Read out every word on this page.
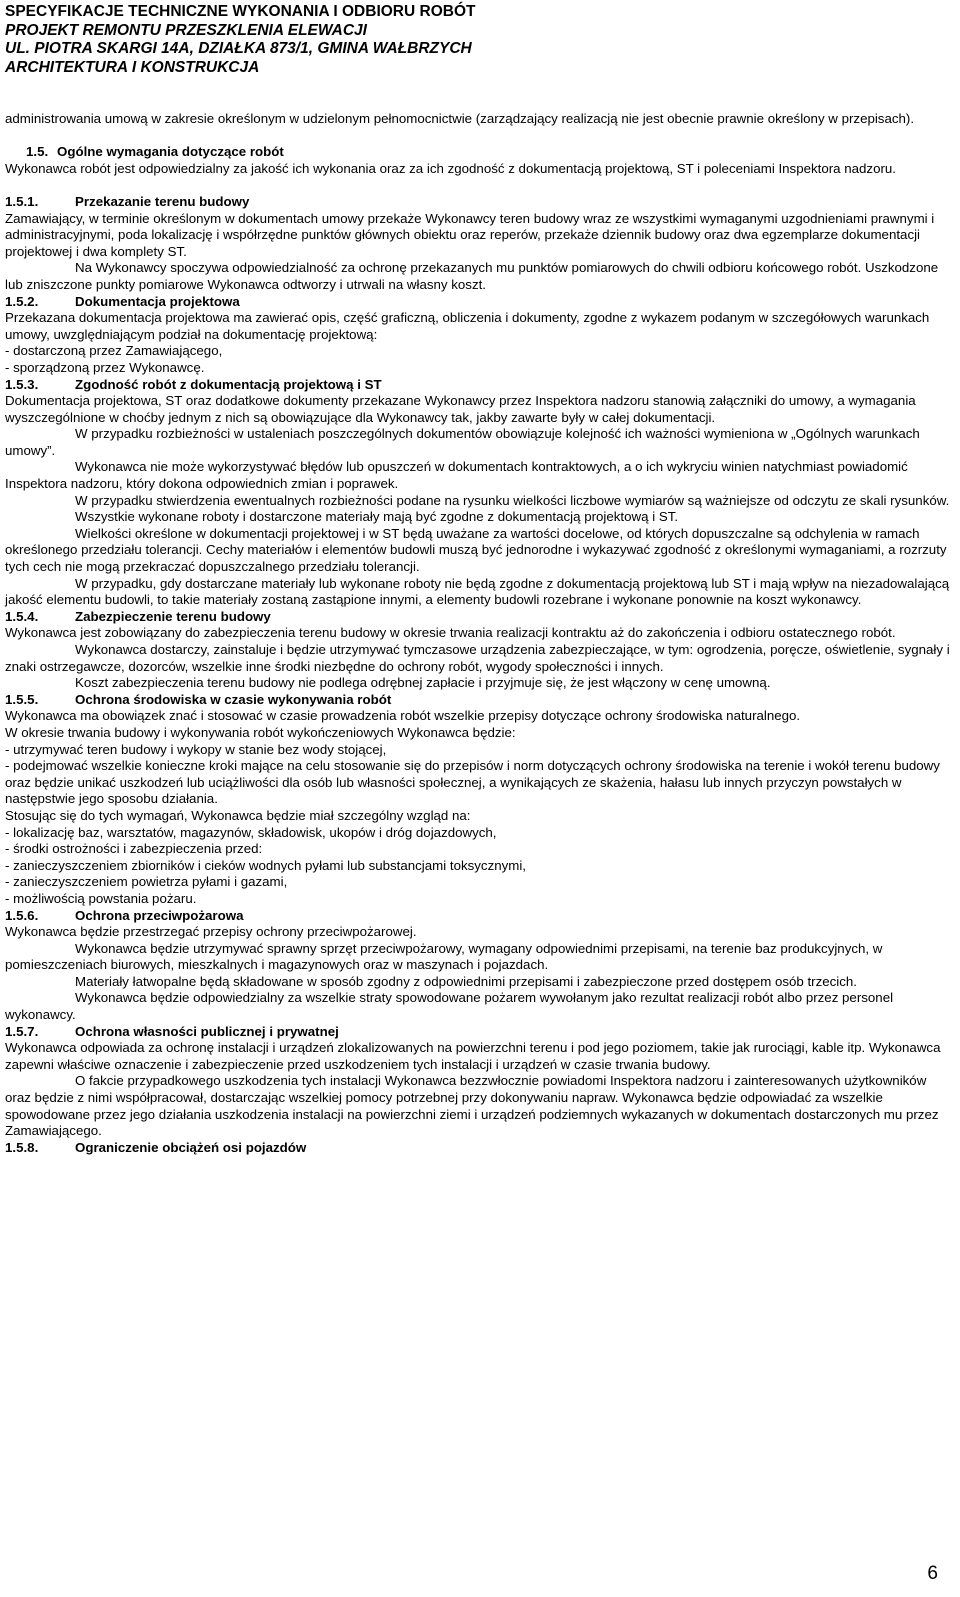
SPECYFIKACJE TECHNICZNE WYKONANIA I ODBIORU ROBÓT
PROJEKT REMONTU PRZESZKLENIA ELEWACJI
UL. PIOTRA SKARGI 14A, DZIAŁKA 873/1, GMINA WAŁBRZYCH
ARCHITEKTURA I KONSTRUKCJA

administrowania umową w zakresie określonym w udzielonym pełnomocnictwie (zarządzający realizacją nie jest obecnie prawnie określony w przepisach).

1.5. Ogólne wymagania dotyczące robót

Wykonawca robót jest odpowiedzialny za jakość ich wykonania oraz za ich zgodność z dokumentacją projektową, ST i poleceniami Inspektora nadzoru.

1.5.1.	Przekazanie terenu budowy

Zamawiający, w terminie określonym w dokumentach umowy przekaże Wykonawcy teren budowy wraz ze wszystkimi wymaganymi uzgodnieniami prawnymi i administracyjnymi, poda lokalizację i współrzędne punktów głównych obiektu oraz reperów, przekaże dziennik budowy oraz dwa egzemplarze dokumentacji projektowej i dwa komplety ST.

Na Wykonawcy spoczywa odpowiedzialność za ochronę przekazanych mu punktów pomiarowych do chwili odbioru końcowego robót. Uszkodzone lub zniszczone punkty pomiarowe Wykonawca odtworzy i utrwali na własny koszt.

1.5.2.	Dokumentacja projektowa

Przekazana dokumentacja projektowa ma zawierać opis, część graficzną, obliczenia i dokumenty, zgodne z wykazem podanym w szczegółowych warunkach umowy, uwzględniającym podział na dokumentację projektową:

- dostarczoną przez Zamawiającego,

- sporządzoną przez Wykonawcę.

1.5.3.	Zgodność robót z dokumentacją projektową i ST

Dokumentacja projektowa, ST oraz dodatkowe dokumenty przekazane Wykonawcy przez Inspektora nadzoru stanowią załączniki do umowy, a wymagania wyszczególnione w choćby jednym z nich są obowiązujące dla Wykonawcy tak, jakby zawarte były w całej dokumentacji.

W przypadku rozbieżności w ustaleniach poszczególnych dokumentów obowiązuje kolejność ich ważności wymieniona w „Ogólnych warunkach umowy”.

Wykonawca nie może wykorzystywać błędów lub opuszczeń w dokumentach kontraktowych, a o ich wykryciu winien natychmiast powiadomić Inspektora nadzoru, który dokona odpowiednich zmian i poprawek.

W przypadku stwierdzenia ewentualnych rozbieżności podane na rysunku wielkości liczbowe wymiarów są ważniejsze od odczytu ze skali rysunków.

Wszystkie wykonane roboty i dostarczone materiały mają być zgodne z dokumentacją projektową i ST.

Wielkości określone w dokumentacji projektowej i w ST będą uważane za wartości docelowe, od których dopuszczalne są odchylenia w ramach określonego przedziału tolerancji. Cechy materiałów i elementów budowli muszą być jednorodne i wykazywać zgodność z określonymi wymaganiami, a rozrzuty tych cech nie mogą przekraczać dopuszczalnego przedziału tolerancji.

W przypadku, gdy dostarczane materiały lub wykonane roboty nie będą zgodne z dokumentacją projektową lub ST i mają wpływ na niezadowalającą jakość elementu budowli, to takie materiały zostaną zastąpione innymi, a elementy budowli rozebrane i wykonane ponownie na koszt wykonawcy.

1.5.4.	Zabezpieczenie terenu budowy

Wykonawca jest zobowiązany do zabezpieczenia terenu budowy w okresie trwania realizacji kontraktu aż do zakończenia i odbioru ostatecznego robót.

Wykonawca dostarczy, zainstaluje i będzie utrzymywać tymczasowe urządzenia zabezpieczające, w tym: ogrodzenia, poręcze, oświetlenie, sygnały i znaki ostrzegawcze, dozorców, wszelkie inne środki niezbędne do ochrony robót, wygody społeczności i innych.

Koszt zabezpieczenia terenu budowy nie podlega odrębnej zapłacie i przyjmuje się, że jest włączony w cenę umowną.

1.5.5.	Ochrona środowiska w czasie wykonywania robót

Wykonawca ma obowiązek znać i stosować w czasie prowadzenia robót wszelkie przepisy dotyczące ochrony środowiska naturalnego.

W okresie trwania budowy i wykonywania robót wykończeniowych Wykonawca będzie:

- utrzymywać teren budowy i wykopy w stanie bez wody stojącej,

- podejmować wszelkie konieczne kroki mające na celu stosowanie się do przepisów i norm dotyczących ochrony środowiska na terenie i wokół terenu budowy oraz będzie unikać uszkodzeń lub uciążliwości dla osób lub własności społecznej, a wynikających ze skażenia, hałasu lub innych przyczyn powstałych w następstwie jego sposobu działania.

Stosując się do tych wymagań, Wykonawca będzie miał szczególny wzgląd na:

- lokalizację baz, warsztatów, magazynów, składowisk, ukopów i dróg dojazdowych,

- środki ostrożności i zabezpieczenia przed:

- zanieczyszczeniem zbiorników i cieków wodnych pyłami lub substancjami toksycznymi,

- zanieczyszczeniem powietrza pyłami i gazami,

- możliwością powstania pożaru.

1.5.6.	Ochrona przeciwpożarowa

Wykonawca będzie przestrzegać przepisy ochrony przeciwpożarowej.

Wykonawca będzie utrzymywać sprawny sprzęt przeciwpożarowy, wymagany odpowiednimi przepisami, na terenie baz produkcyjnych, w pomieszczeniach biurowych, mieszkalnych i magazynowych oraz w maszynach i pojazdach.

Materiały łatwopalne będą składowane w sposób zgodny z odpowiednimi przepisami i zabezpieczone przed dostępem osób trzecich.

Wykonawca będzie odpowiedzialny za wszelkie straty spowodowane pożarem wywołanym jako rezultat realizacji robót albo przez personel wykonawcy.

1.5.7.	Ochrona własności publicznej i prywatnej

Wykonawca odpowiada za ochronę instalacji i urządzeń zlokalizowanych na powierzchni terenu i pod jego poziomem, takie jak rurociągi, kable itp. Wykonawca zapewni właściwe oznaczenie i zabezpieczenie przed uszkodzeniem tych instalacji i urządzeń w czasie trwania budowy.

O fakcie przypadkowego uszkodzenia tych instalacji Wykonawca bezzwłocznie powiadomi Inspektora nadzoru i zainteresowanych użytkowników oraz będzie z nimi współpracował, dostarczając wszelkiej pomocy potrzebnej przy dokonywaniu napraw. Wykonawca będzie odpowiadać za wszelkie spowodowane przez jego działania uszkodzenia instalacji na powierzchni ziemi i urządzeń podziemnych wykazanych w dokumentach dostarczonych mu przez Zamawiającego.

1.5.8.	Ograniczenie obciążeń osi pojazdów
6
